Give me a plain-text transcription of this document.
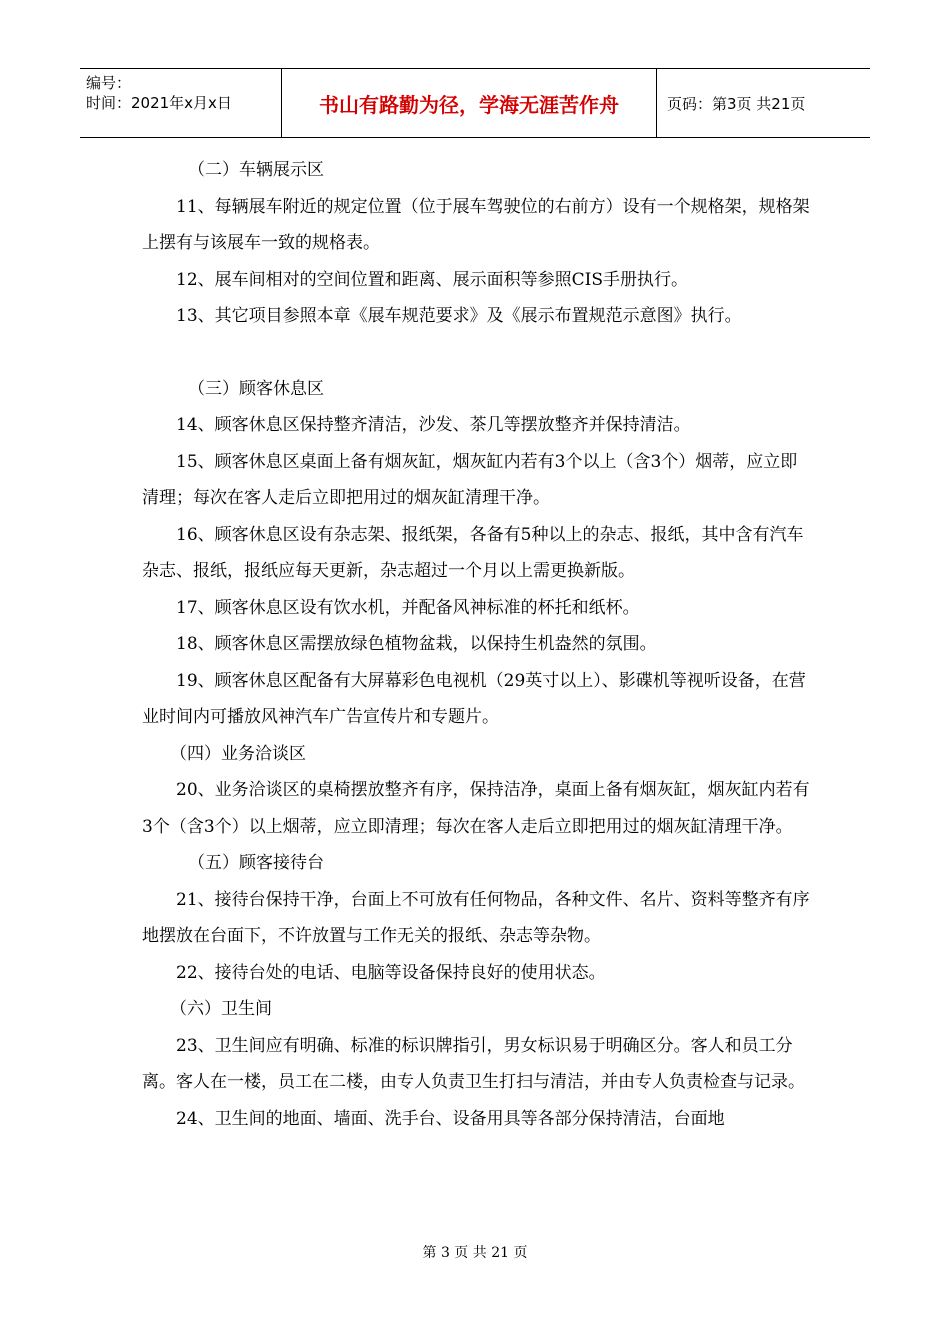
编号：
时间：2021年x月x日	书山有路勤为径，学海无涯苦作舟	页码：第3页 共21页

（二）车辆展示区

11、每辆展车附近的规定位置（位于展车驾驶位的右前方）设有一个规格架，规格架上摆有与该展车一致的规格表。

12、展车间相对的空间位置和距离、展示面积等参照CIS手册执行。

13、其它项目参照本章《展车规范要求》及《展示布置规范示意图》执行。

（三）顾客休息区

14、顾客休息区保持整齐清洁，沙发、茶几等摆放整齐并保持清洁。

15、顾客休息区桌面上备有烟灰缸，烟灰缸内若有3个以上（含3个）烟蒂，应立即清理；每次在客人走后立即把用过的烟灰缸清理干净。

16、顾客休息区设有杂志架、报纸架，各备有5种以上的杂志、报纸，其中含有汽车杂志、报纸，报纸应每天更新，杂志超过一个月以上需更换新版。

17、顾客休息区设有饮水机，并配备风神标准的杯托和纸杯。

18、顾客休息区需摆放绿色植物盆栽，以保持生机盎然的氛围。

19、顾客休息区配备有大屏幕彩色电视机（29英寸以上）、影碟机等视听设备，在营业时间内可播放风神汽车广告宣传片和专题片。

（四）业务洽谈区

20、业务洽谈区的桌椅摆放整齐有序，保持洁净，桌面上备有烟灰缸，烟灰缸内若有3个（含3个）以上烟蒂，应立即清理；每次在客人走后立即把用过的烟灰缸清理干净。

（五）顾客接待台

21、接待台保持干净，台面上不可放有任何物品，各种文件、名片、资料等整齐有序地摆放在台面下，不许放置与工作无关的报纸、杂志等杂物。

22、接待台处的电话、电脑等设备保持良好的使用状态。

（六）卫生间

23、卫生间应有明确、标准的标识牌指引，男女标识易于明确区分。客人和员工分离。客人在一楼，员工在二楼，由专人负责卫生打扫与清洁，并由专人负责检查与记录。

24、卫生间的地面、墙面、洗手台、设备用具等各部分保持清洁，台面地

第 3 页 共 21 页
